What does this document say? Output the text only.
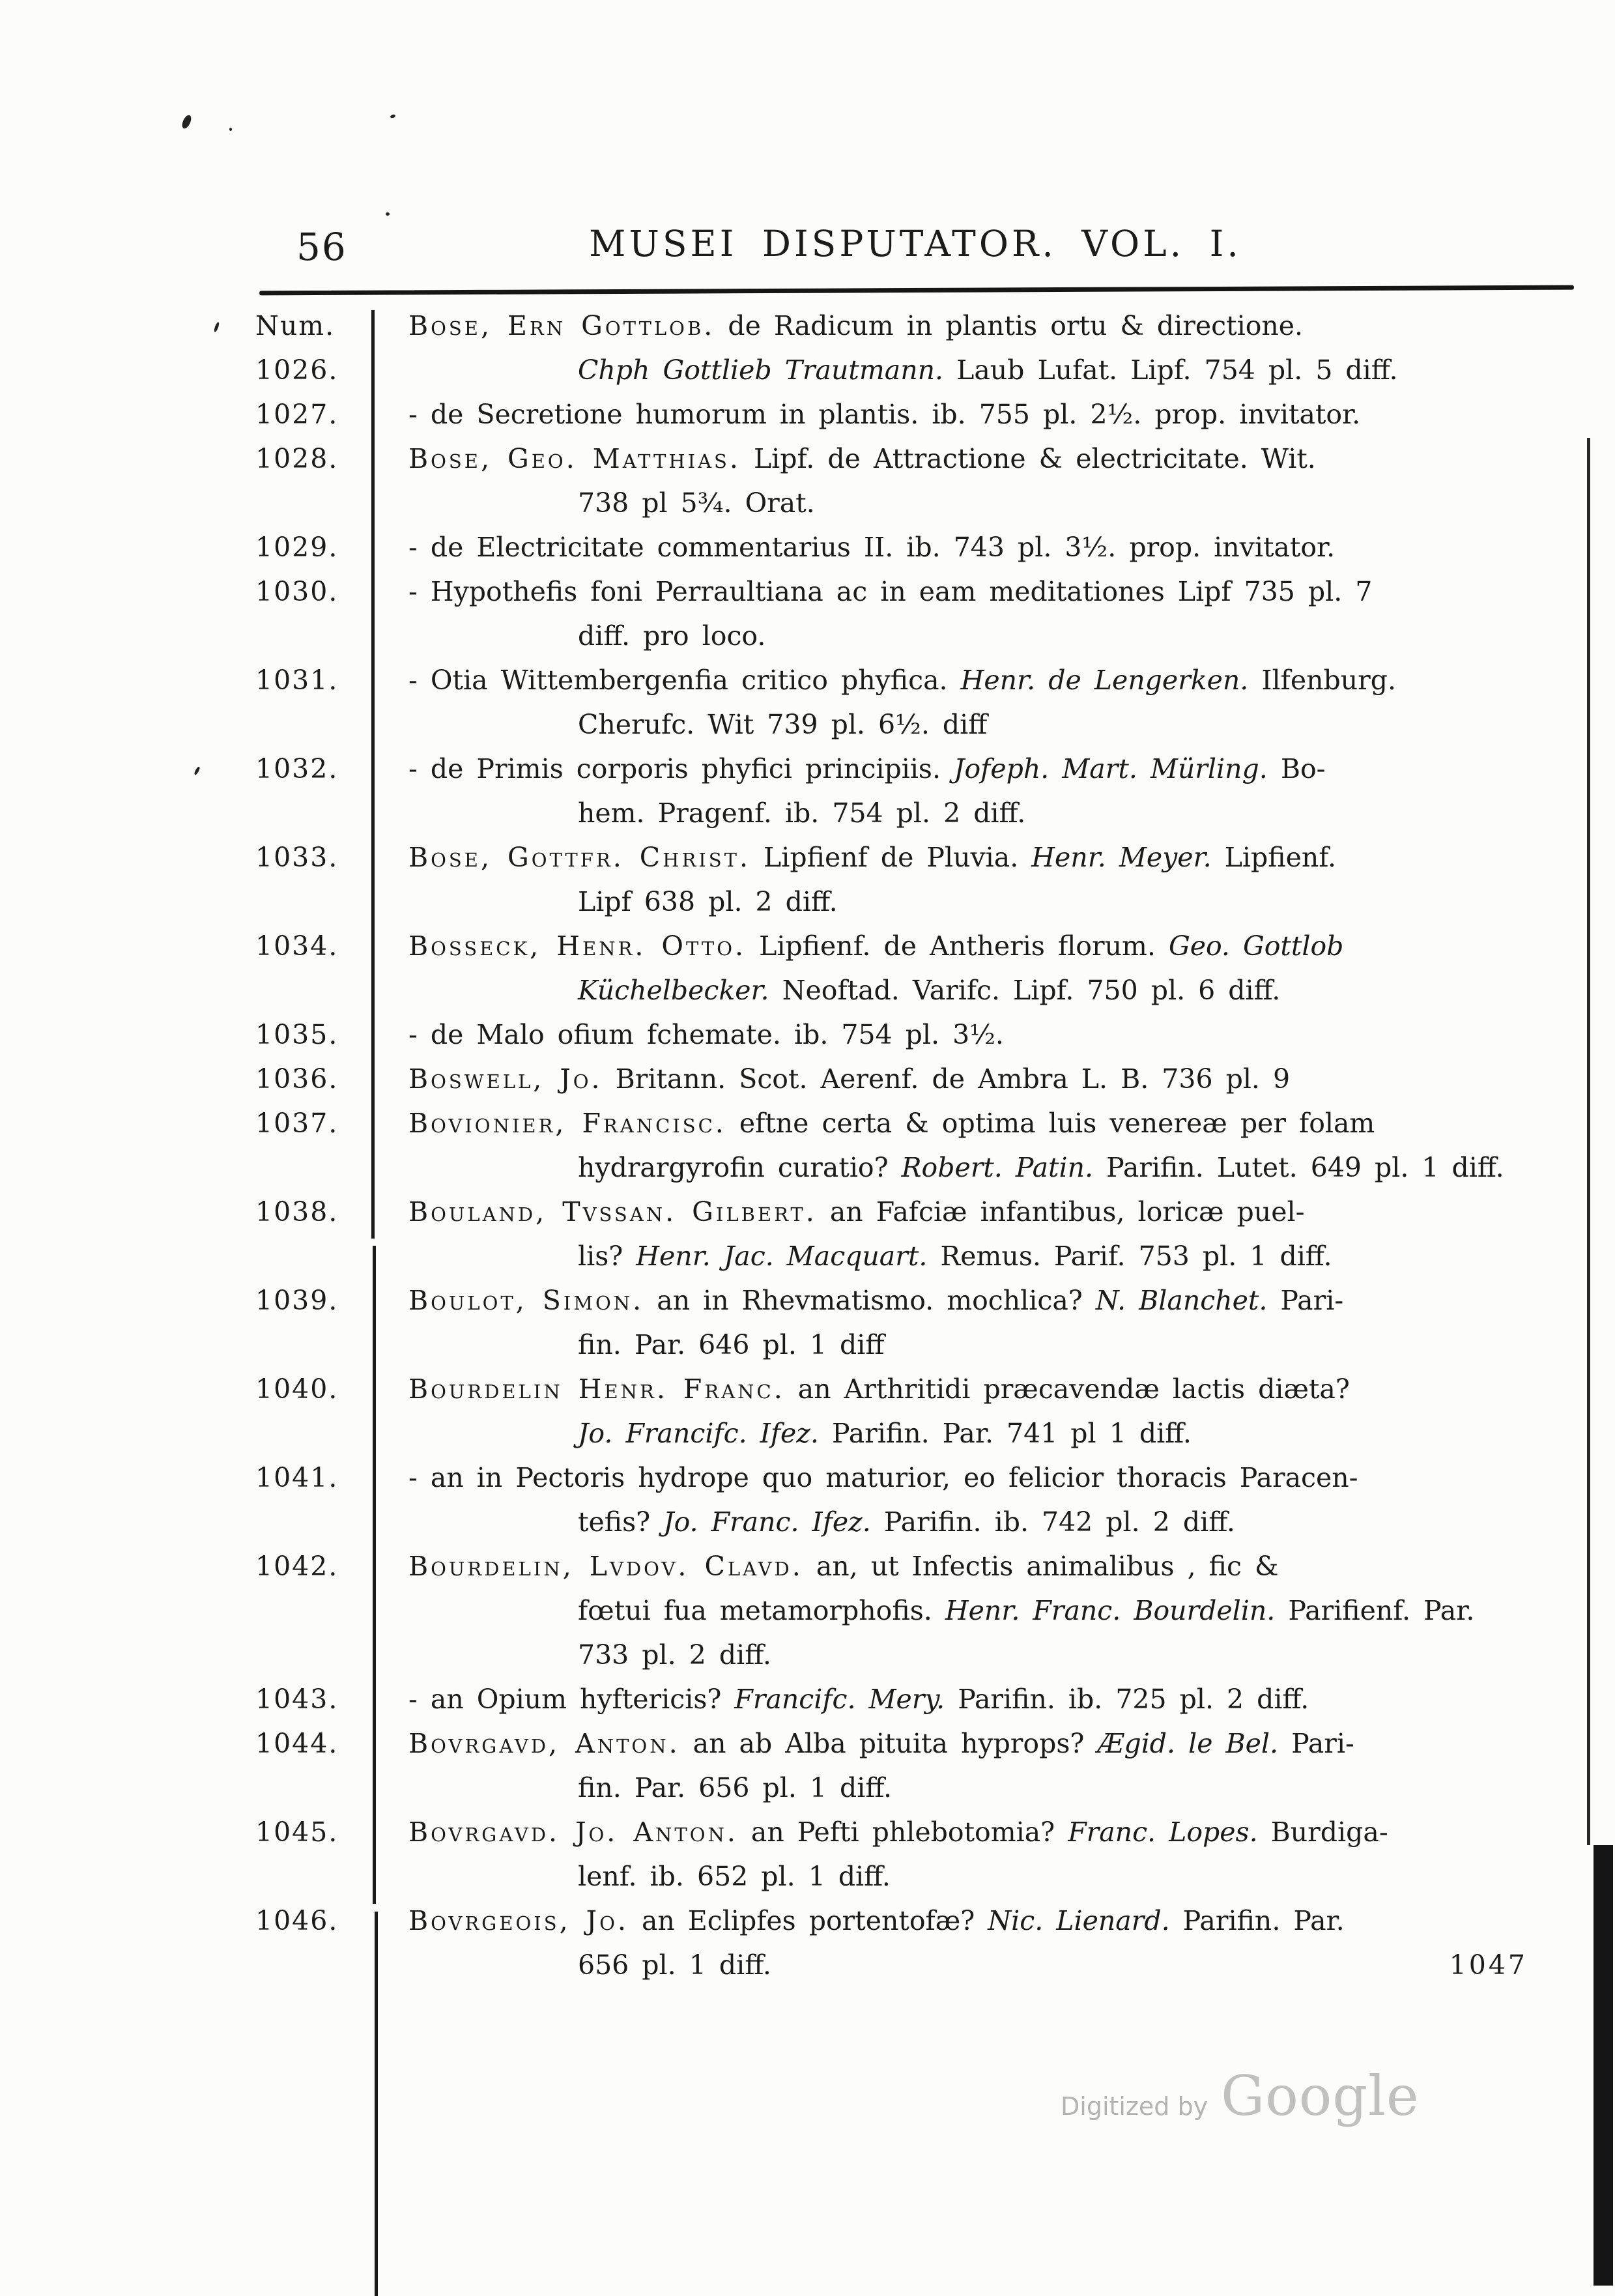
56	MUSEI DISPUTATOR. VOL. I.
Num.	Bose, Ern Gottlob. de Radicum in plantis ortu & directione.
1026.	Chph Gottlieb Trautmann. Laub Lufat. Lipf. 754 pl. 5 diff.
1027.	- de Secretione humorum in plantis. ib. 755 pl. 2½. prop. invitator.
1028.	Bose, Geo. Matthias. Lipf. de Attractione & electricitate. Wit.
738 pl 5¾. Orat.
1029.	- de Electricitate commentarius II. ib. 743 pl. 3½. prop. invitator.
1030.	- Hypothefis foni Perraultiana ac in eam meditationes Lipf 735 pl. 7
diff. pro loco.
1031.	- Otia Wittembergenfia critico phyfica. Henr. de Lengerken. Ilfenburg.
Cherufc. Wit 739 pl. 6½. diff
1032.	- de Primis corporis phyfici principiis. Jofeph. Mart. Mürling. Bo-
hem. Pragenf. ib. 754 pl. 2 diff.
1033.	Bose, Gottfr. Christ. Lipfienf de Pluvia. Henr. Meyer. Lipfienf.
Lipf 638 pl. 2 diff.
1034.	Bosseck, Henr. Otto. Lipfienf. de Antheris florum. Geo. Gottlob
Küchelbecker. Neoftad. Varifc. Lipf. 750 pl. 6 diff.
1035.	- de Malo ofium fchemate. ib. 754 pl. 3½.
1036.	Boswell, Jo. Britann. Scot. Aerenf. de Ambra L. B. 736 pl. 9
1037.	Bovionier, Francisc. eftne certa & optima luis venereæ per folam
hydrargyrofin curatio? Robert. Patin. Parifin. Lutet. 649 pl. 1 diff.
1038.	Bouland, Tvssan. Gilbert. an Fafciæ infantibus, loricæ puel-
lis? Henr. Jac. Macquart. Remus. Parif. 753 pl. 1 diff.
1039.	Boulot, Simon. an in Rhevmatismo. mochlica? N. Blanchet. Pari-
fin. Par. 646 pl. 1 diff
1040.	Bourdelin Henr. Franc. an Arthritidi præcavendæ lactis diæta?
Jo. Francifc. Ifez. Parifin. Par. 741 pl 1 diff.
1041.	- an in Pectoris hydrope quo maturior, eo felicior thoracis Paracen-
tefis? Jo. Franc. Ifez. Parifin. ib. 742 pl. 2 diff.
1042.	Bourdelin, Lvdov. Clavd. an, ut Infectis animalibus , fic &
fœtui fua metamorphofis. Henr. Franc. Bourdelin. Parifienf. Par.
733 pl. 2 diff.
1043.	- an Opium hyftericis? Francifc. Mery. Parifin. ib. 725 pl. 2 diff.
1044.	Bovrgavd, Anton. an ab Alba pituita hyprops? Ægid. le Bel. Pari-
fin. Par. 656 pl. 1 diff.
1045.	Bovrgavd. Jo. Anton. an Pefti phlebotomia? Franc. Lopes. Burdiga-
lenf. ib. 652 pl. 1 diff.
1046.	Bovrgeois, Jo. an Eclipfes portentofæ? Nic. Lienard. Parifin. Par.
656 pl. 1 diff.	1047
Digitized by Google
